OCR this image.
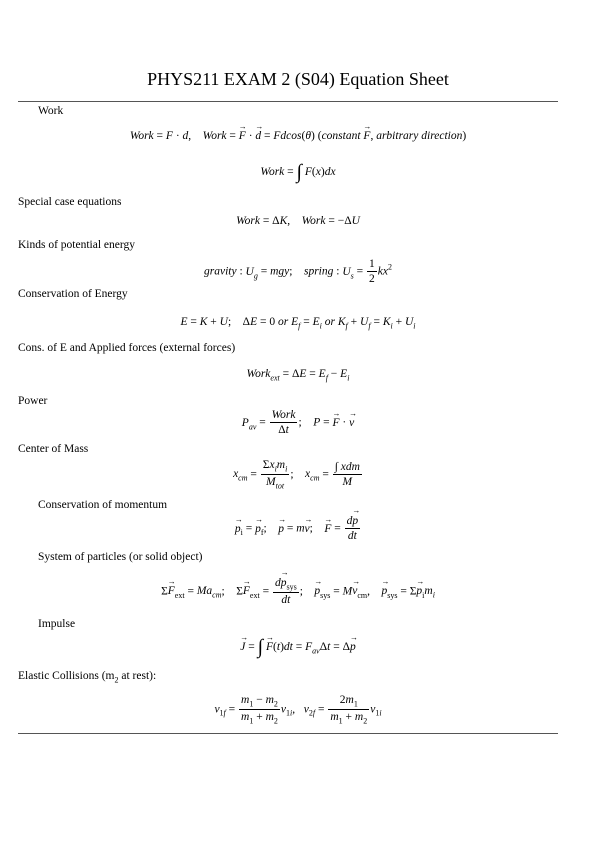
PHYS211 EXAM 2 (S04) Equation Sheet
Work
Work = F · d,    Work = → F · → d = Fdcos(θ) (constant → F, arbitrary direction)
Work = ∫ F(x)dx
Special case equations
Work = ΔK,    Work = −ΔU
Kinds of potential energy
gravity : $U_g$ = mgy;    spring : $U_s = \frac{1}{2} kx^2$
Conservation of Energy
E = K + U;    ΔE = 0 or $E_f = E_i$ or $K_f + U_f = K_i + U_i$
Cons. of E and Applied forces (external forces)
Work$_{ext}$ = $\Delta E = E_f - E_i$
Power
$P_{av} = \frac{\text{Work}}{\Delta t}$ ;    P = → F · → v
Center of Mass
$x_{cm} = \frac{\Sigma x_im_i}{M_{tot}}$ ;    $x_{cm} = \frac{\text{∫ xdm}}{M}$
Conservation of momentum
→ $p_i$ = → $p_f$;    → p = m→ v;    → $F = \frac{d\to p}{dt}$
System of particles (or solid object)
$\Sigma\to F_{ext} = Ma_{cm}$;    $\Sigma\to F_{ext} = \frac{d\to p_{sys}}{dt}$ ;    → $p_{sys} = M\to v_{cm}$,    → $p_{sys} = \Sigma\to p_im_i$
Impulse
→ J = ∫ → $F(t)dt = F_{av}\Delta t = \Delta\to p$
Elastic Collisions ($m_2$ at rest):
$v_{1f} = \frac{m_1 - m_2}{m_1 + m_2} v_{1i}$,   $v_{2f} = \frac{2m_1}{m_1 + m_2} v_{1i}$
